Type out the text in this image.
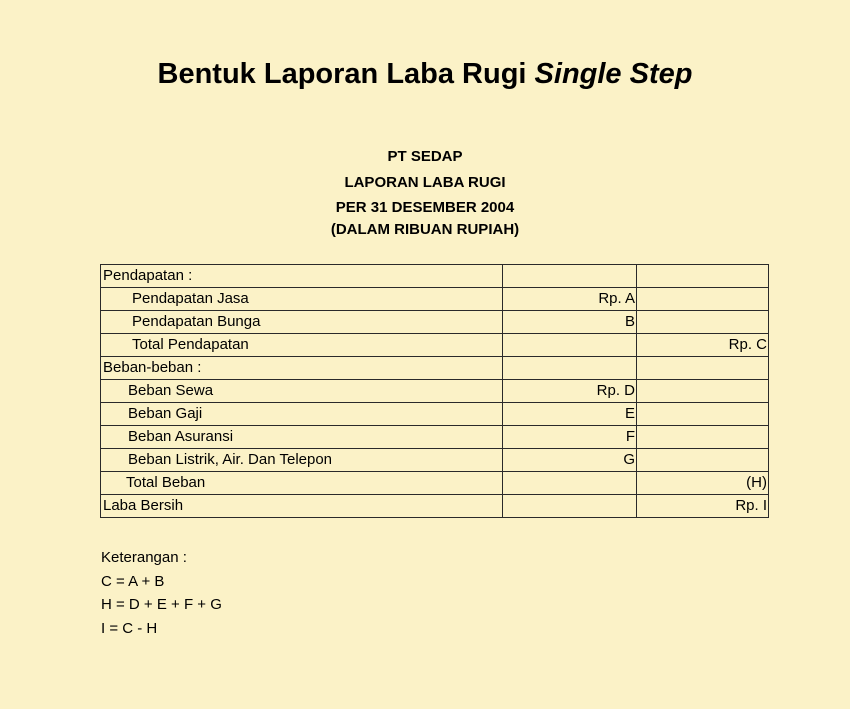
Bentuk Laporan Laba Rugi Single Step
PT SEDAP
LAPORAN LABA RUGI
PER 31 DESEMBER 2004
(DALAM RIBUAN RUPIAH)
Pendapatan :		
Pendapatan Jasa	Rp. A	
Pendapatan Bunga	B	
Total Pendapatan		Rp. C
Beban-beban :		
Beban Sewa	Rp. D	
Beban Gaji	E	
Beban Asuransi	F	
Beban Listrik, Air. Dan Telepon	G	
Total Beban		(H)
Laba Bersih		Rp. I
Keterangan :
C = A + B
H = D + E + F + G
I = C - H
